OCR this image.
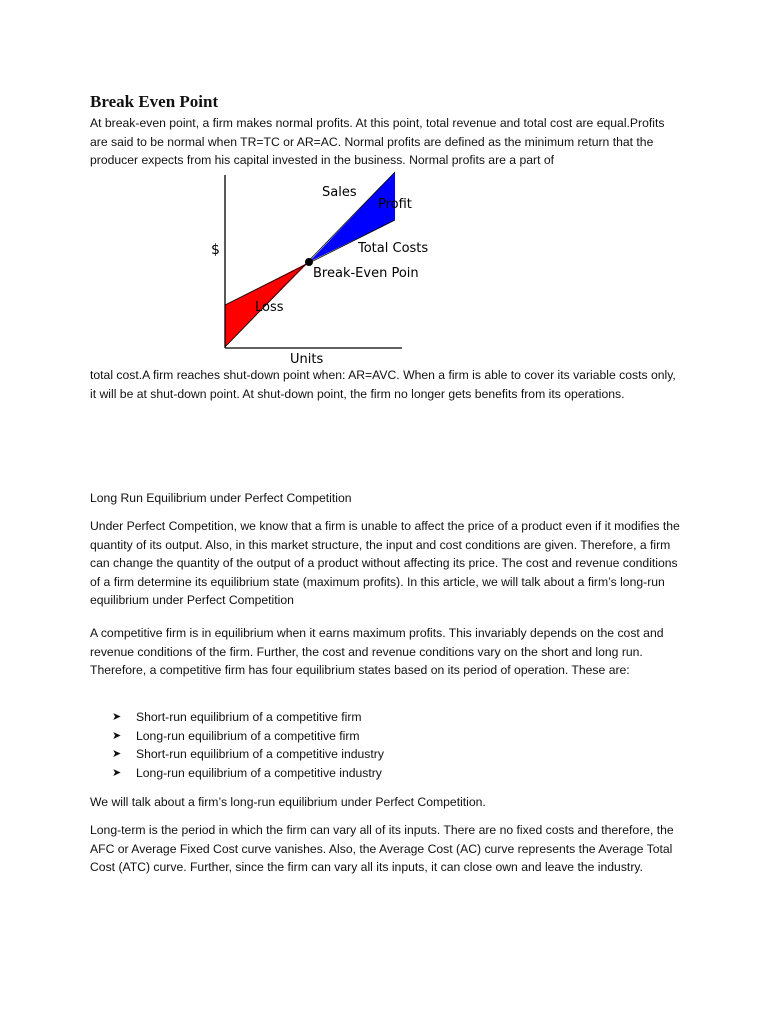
Break Even Point

At break-even point, a firm makes normal profits. At this point, total revenue and total cost are equal.Profits are said to be normal when TR=TC or AR=AC. Normal profits are defined as the minimum return that the producer expects from his capital invested in the business. Normal profits are a part of

Sales
Profit
Total Costs
Break-Even Poin
Loss
$
Units

total cost.A firm reaches shut-down point when: AR=AVC. When a firm is able to cover its variable costs only, it will be at shut-down point. At shut-down point, the firm no longer gets benefits from its operations.

Long Run Equilibrium under Perfect Competition

Under Perfect Competition, we know that a firm is unable to affect the price of a product even if it modifies the quantity of its output. Also, in this market structure, the input and cost conditions are given. Therefore, a firm can change the quantity of the output of a product without affecting its price. The cost and revenue conditions of a firm determine its equilibrium state (maximum profits). In this article, we will talk about a firm’s long-run equilibrium under Perfect Competition

A competitive firm is in equilibrium when it earns maximum profits. This invariably depends on the cost and revenue conditions of the firm. Further, the cost and revenue conditions vary on the short and long run. Therefore, a competitive firm has four equilibrium states based on its period of operation. These are:

➤ Short-run equilibrium of a competitive firm
➤ Long-run equilibrium of a competitive firm
➤ Short-run equilibrium of a competitive industry
➤ Long-run equilibrium of a competitive industry

We will talk about a firm’s long-run equilibrium under Perfect Competition.

Long-term is the period in which the firm can vary all of its inputs. There are no fixed costs and therefore, the AFC or Average Fixed Cost curve vanishes. Also, the Average Cost (AC) curve represents the Average Total Cost (ATC) curve. Further, since the firm can vary all its inputs, it can close own and leave the industry.
